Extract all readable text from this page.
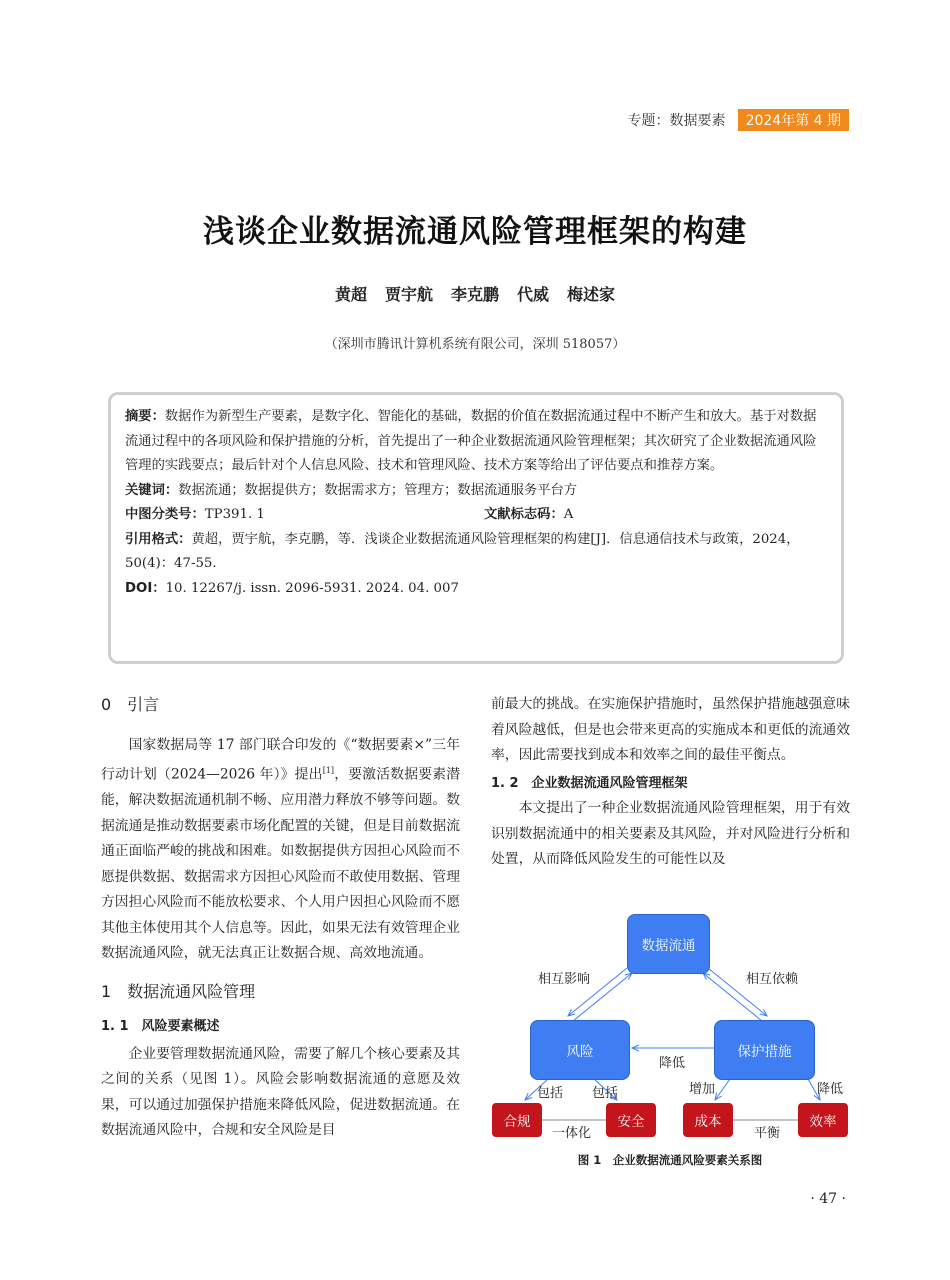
专题：数据要素	2024年第 4 期
浅谈企业数据流通风险管理框架的构建
黄超 贾宇航 李克鹏 代威 梅述家
（深圳市腾讯计算机系统有限公司，深圳 518057）

摘要：数据作为新型生产要素，是数字化、智能化的基础，数据的价值在数据流通过程中不断产生和放大。基于对数据流通过程中的各项风险和保护措施的分析，首先提出了一种企业数据流通风险管理框架；其次研究了企业数据流通风险管理的实践要点；最后针对个人信息风险、技术和管理风险、技术方案等给出了评估要点和推荐方案。

关键词：数据流通；数据提供方；数据需求方；管理方；数据流通服务平台方

中图分类号：TP391. 1	文献标志码：A

引用格式：黄超，贾宇航，李克鹏，等．浅谈企业数据流通风险管理框架的构建[J]．信息通信技术与政策，2024，50(4)：47-55.

DOI：10. 12267/j. issn. 2096-5931. 2024. 04. 007

0　引言

国家数据局等 17 部门联合印发的《“数据要素×”三年行动计划（2024—2026 年）》提出[1]，要激活数据要素潜能，解决数据流通机制不畅、应用潜力释放不够等问题。数据流通是推动数据要素市场化配置的关键，但是目前数据流通正面临严峻的挑战和困难。如数据提供方因担心风险而不愿提供数据、数据需求方因担心风险而不敢使用数据、管理方因担心风险而不能放松要求、个人用户因担心风险而不愿其他主体使用其个人信息等。因此，如果无法有效管理企业数据流通风险，就无法真正让数据合规、高效地流通。

1　数据流通风险管理

1. 1　风险要素概述

企业要管理数据流通风险，需要了解几个核心要素及其之间的关系（见图 1）。风险会影响数据流通的意愿及效果，可以通过加强保护措施来降低风险，促进数据流通。在数据流通风险中，合规和安全风险是目

前最大的挑战。在实施保护措施时，虽然保护措施越强意味着风险越低，但是也会带来更高的实施成本和更低的流通效率，因此需要找到成本和效率之间的最佳平衡点。

1. 2　企业数据流通风险管理框架

本文提出了一种企业数据流通风险管理框架，用于有效识别数据流通中的相关要素及其风险，并对风险进行分析和处置，从而降低风险发生的可能性以及

数据流通
风险	保护措施
合规	安全	成本	效率
相互影响	相互依赖
降低
包括 包括	增加	降低
一体化	平衡
图 1　企业数据流通风险要素关系图
· 47 ·
